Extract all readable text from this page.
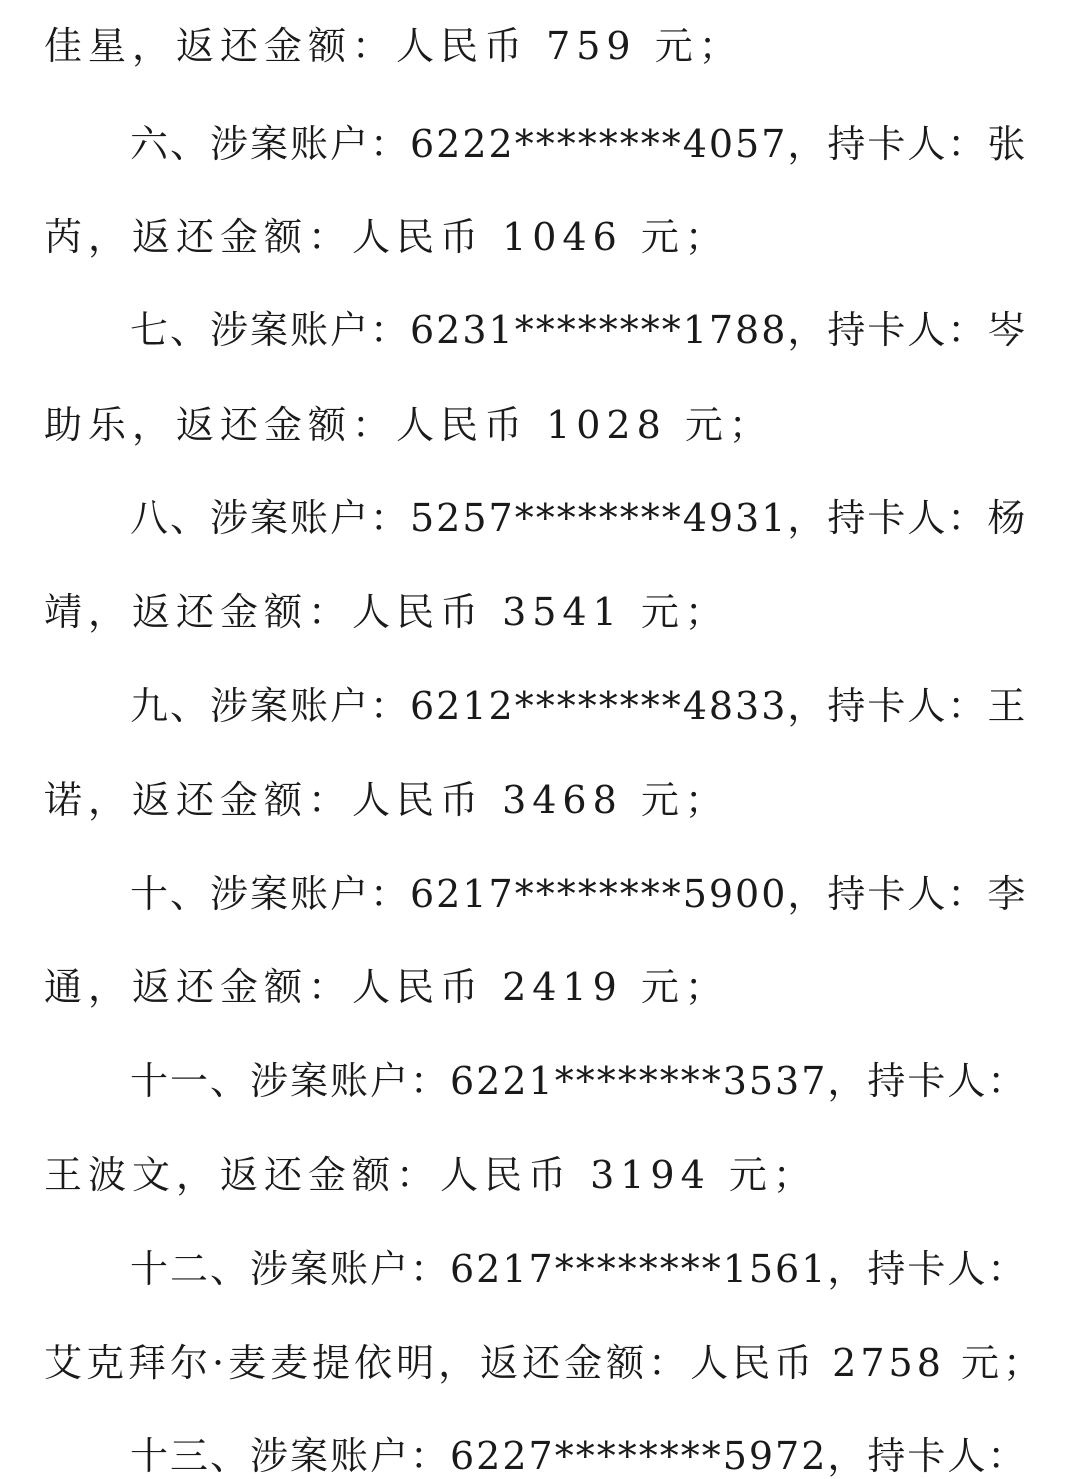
佳星，返还金额：人民币 759 元；
六、涉案账户：6222********4057，持卡人：张
芮，返还金额：人民币 1046 元；
七、涉案账户：6231********1788，持卡人：岑
助乐，返还金额：人民币 1028 元；
八、涉案账户：5257********4931，持卡人：杨
靖，返还金额：人民币 3541 元；
九、涉案账户：6212********4833，持卡人：王
诺，返还金额：人民币 3468 元；
十、涉案账户：6217********5900，持卡人：李
通，返还金额：人民币 2419 元；
十一、涉案账户：6221********3537，持卡人：
王波文，返还金额：人民币 3194 元；
十二、涉案账户：6217********1561，持卡人：
艾克拜尔·麦麦提依明，返还金额：人民币 2758 元；
十三、涉案账户：6227********5972，持卡人：
